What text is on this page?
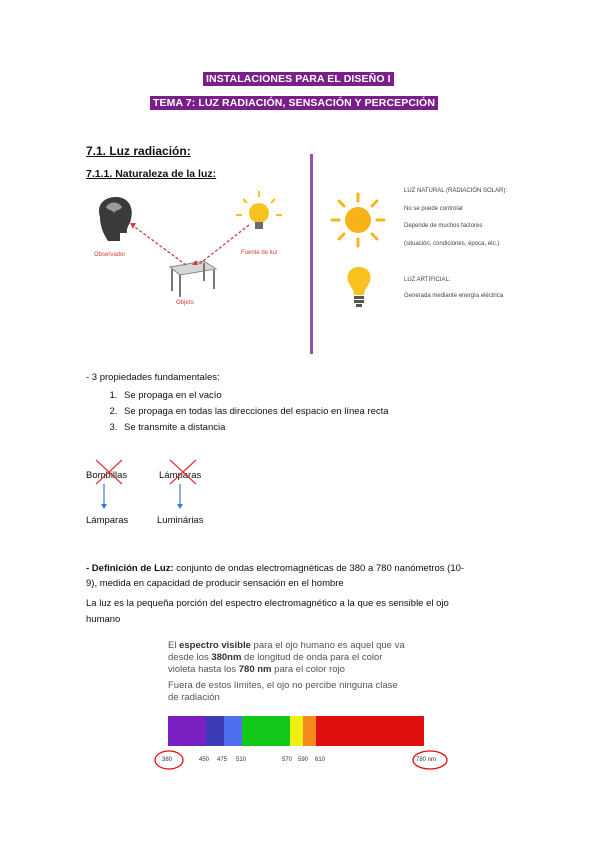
INSTALACIONES PARA EL DISEÑO I
TEMA 7: LUZ RADIACIÓN, SENSACIÓN Y PERCEPCIÓN
7.1. Luz radiación:
7.1.1. Naturaleza de la luz:
Observador
Objeto
Fuente de luz
LUZ NATURAL (RADIACIÓN SOLAR):
No se puede controlar
Depende de muchos factores
(situación, condiciones, época, etc.)
LUZ ARTIFICIAL:
Generada mediante energía eléctrica
- 3 propiedades fundamentales:
1. Se propaga en el vacío
2. Se propaga en todas las direcciones del espacio en línea recta
3. Se transmite a distancia
Bombillas	Lámparas
Lámparas	Luminárias
- Definición de Luz: conjunto de ondas electromagnéticas de 380 a 780 nanómetros (10-
9), medida en capacidad de producir sensación en el hombre
La luz es la pequeña porción del espectro electromagnético a la que es sensible el ojo
humano
El espectro visible para el ojo humano es aquel que va
desde los 380nm de longitud de onda para el color
violeta hasta los 780 nm para el color rojo
Fuera de estos límites, el ojo no percibe ninguna clase
de radiación
380	450 475 510	570 590 610	780 nm
